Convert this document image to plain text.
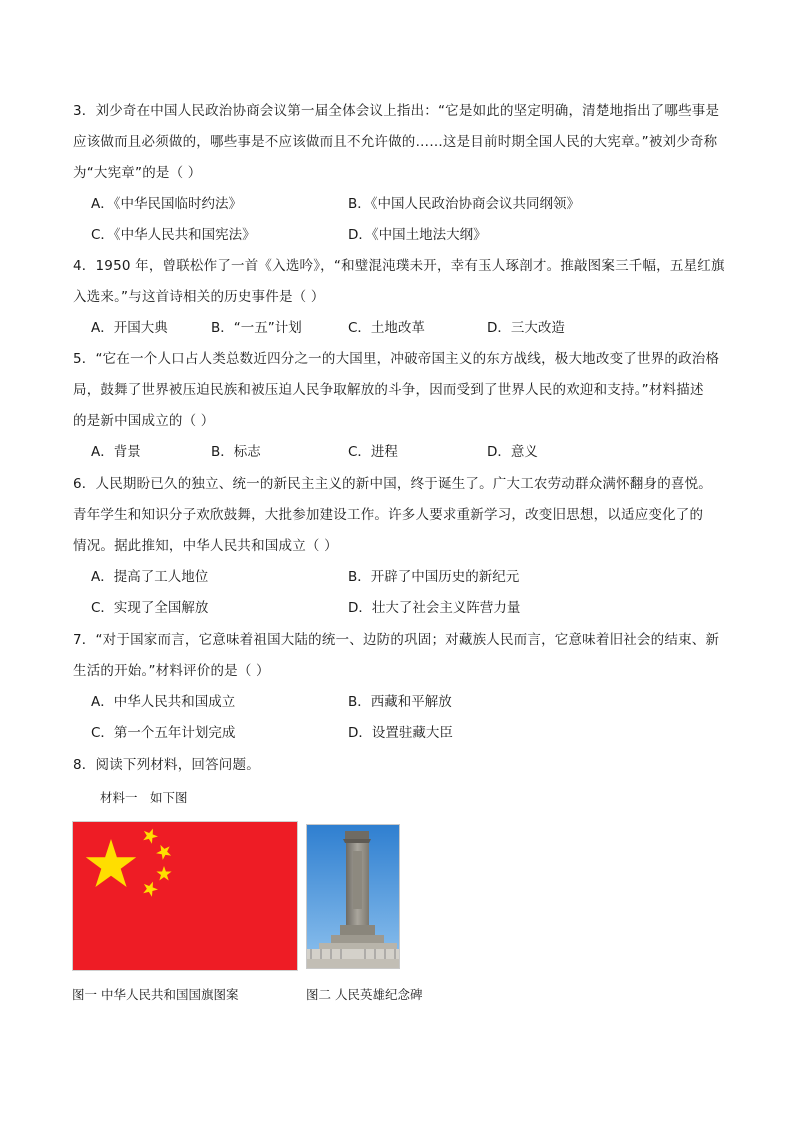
3．刘少奇在中国人民政治协商会议第一届全体会议上指出：“它是如此的坚定明确，清楚地指出了哪些事是
应该做而且必须做的，哪些事是不应该做而且不允许做的……这是目前时期全国人民的大宪章。”被刘少奇称
为“大宪章”的是（ ）
A．《中华民国临时约法》	B．《中国人民政治协商会议共同纲领》
C．《中华人民共和国宪法》	D．《中国土地法大纲》
4．1950 年，曾联松作了一首《入选吟》，“和璧混沌璞未开，幸有玉人琢剖才。推敲图案三千幅，五星红旗
入选来。”与这首诗相关的历史事件是（ ）
A．开国大典	B．“一五”计划	C．土地改革	D．三大改造
5．“它在一个人口占人类总数近四分之一的大国里，冲破帝国主义的东方战线，极大地改变了世界的政治格
局，鼓舞了世界被压迫民族和被压迫人民争取解放的斗争，因而受到了世界人民的欢迎和支持。”材料描述
的是新中国成立的（ ）
A．背景	B．标志	C．进程	D．意义
6．人民期盼已久的独立、统一的新民主主义的新中国，终于诞生了。广大工农劳动群众满怀翻身的喜悦。
青年学生和知识分子欢欣鼓舞，大批参加建设工作。许多人要求重新学习，改变旧思想，以适应变化了的
情况。据此推知，中华人民共和国成立（ ）
A．提高了工人地位	B．开辟了中国历史的新纪元
C．实现了全国解放	D．壮大了社会主义阵营力量
7．“对于国家而言，它意味着祖国大陆的统一、边防的巩固；对藏族人民而言，它意味着旧社会的结束、新
生活的开始。”材料评价的是（ ）
A．中华人民共和国成立	B．西藏和平解放
C．第一个五年计划完成	D．设置驻藏大臣
8．阅读下列材料，回答问题。
材料一　如下图
图一 中华人民共和国国旗图案	图二 人民英雄纪念碑
